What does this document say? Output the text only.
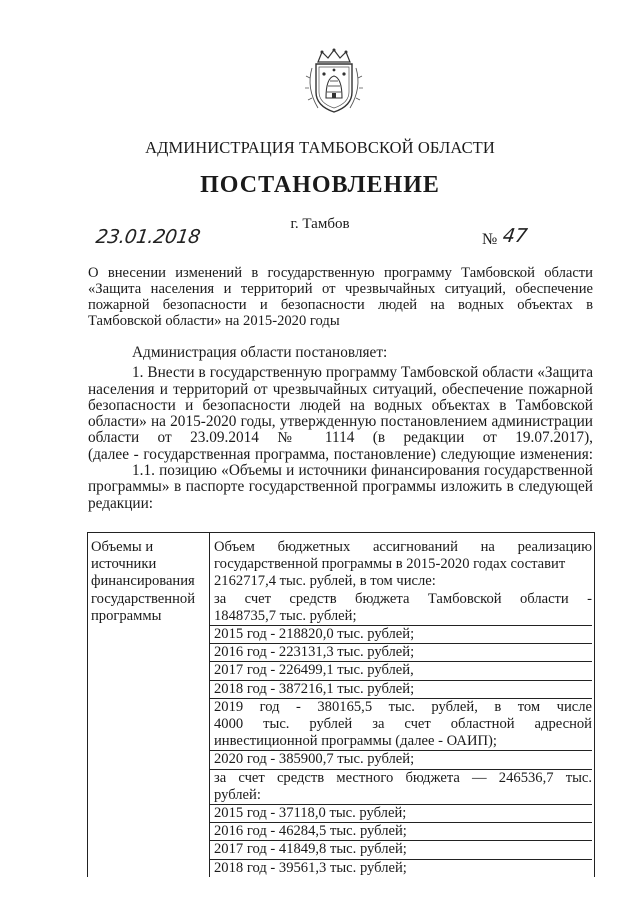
АДМИНИСТРАЦИЯ ТАМБОВСКОЙ ОБЛАСТИ
ПОСТАНОВЛЕНИЕ
г. Тамбов
23.01.2018	№ 47
О внесении изменений в государственную программу Тамбовской области
«Защита населения и территорий от чрезвычайных ситуаций, обеспечение
пожарной безопасности и безопасности людей на водных объектах в
Тамбовской области» на 2015-2020 годы

Администрация области постановляет:

1. Внести в государственную программу Тамбовской области «Защита
населения и территорий от чрезвычайных ситуаций, обеспечение пожарной
безопасности и безопасности людей на водных объектах в Тамбовской
области» на 2015-2020 годы, утвержденную постановлением администрации
области от 23.09.2014 № 1114 (в редакции от 19.07.2017),
(далее - государственная программа, постановление) следующие изменения:

1.1. позицию «Объемы и источники финансирования государственной
программы» в паспорте государственной программы изложить в следующей
редакции:

Объемы и
источники
финансирования
государственной
программы

Объем бюджетных ассигнований на реализацию
государственной программы в 2015-2020 годах составит
2162717,4 тыс. рублей, в том числе:
за счет средств бюджета Тамбовской области -
1848735,7 тыс. рублей;
2015 год - 218820,0 тыс. рублей;
2016 год - 223131,3 тыс. рублей;
2017 год - 226499,1 тыс. рублей,
2018 год - 387216,1 тыс. рублей;
2019 год - 380165,5 тыс. рублей, в том числе
4000 тыс. рублей за счет областной адресной
инвестиционной программы (далее - ОАИП);
2020 год - 385900,7 тыс. рублей;
за счет средств местного бюджета — 246536,7 тыс.
рублей:
2015 год - 37118,0 тыс. рублей;
2016 год - 46284,5 тыс. рублей;
2017 год - 41849,8 тыс. рублей;
2018 год - 39561,3 тыс. рублей;
